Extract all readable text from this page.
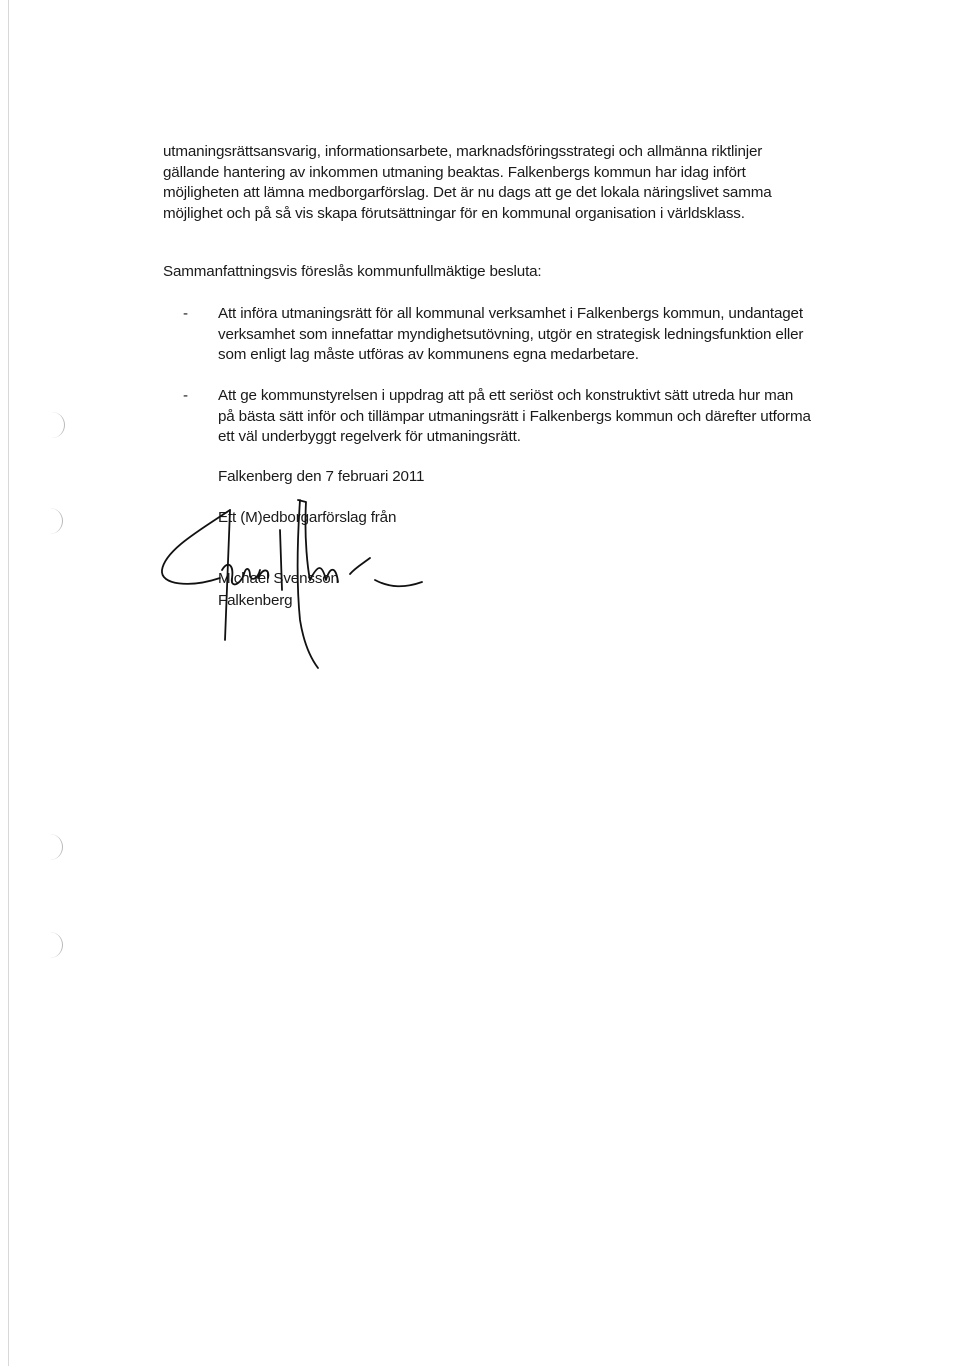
utmaningsrättsansvarig, informationsarbete, marknadsföringsstrategi och allmänna riktlinjer gällande hantering av inkommen utmaning beaktas. Falkenbergs kommun har idag infört möjligheten att lämna medborgarförslag. Det är nu dags att ge det lokala näringslivet samma möjlighet och på så vis skapa förutsättningar för en kommunal organisation i världsklass.

Sammanfattningsvis föreslås kommunfullmäktige besluta:

- Att införa utmaningsrätt för all kommunal verksamhet i Falkenbergs kommun, undantaget verksamhet som innefattar myndighetsutövning, utgör en strategisk ledningsfunktion eller som enligt lag måste utföras av kommunens egna medarbetare.
- Att ge kommunstyrelsen i uppdrag att på ett seriöst och konstruktivt sätt utreda hur man på bästa sätt inför och tillämpar utmaningsrätt i Falkenbergs kommun och därefter utforma ett väl underbyggt regelverk för utmaningsrätt.
Falkenberg den 7 februari 2011
Ett (M)edborgarförslag från
Michael Svensson
Falkenberg
